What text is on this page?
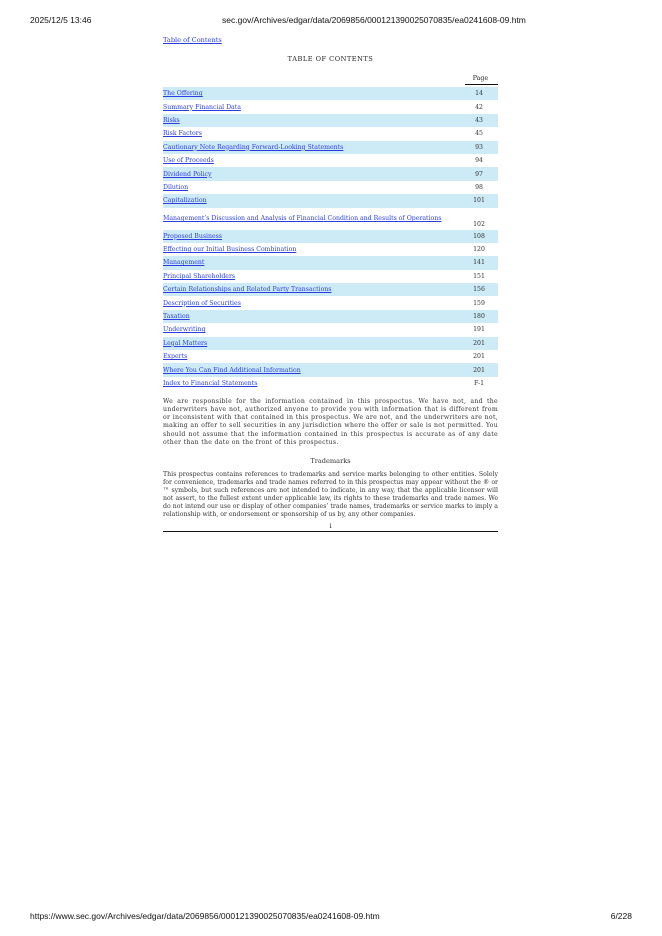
2025/12/5 13:46	sec.gov/Archives/edgar/data/2069856/000121390025070835/ea0241608-09.htm
Table of Contents
TABLE OF CONTENTS
Page
The Offering	14
Summary Financial Data	42
Risks	43
Risk Factors	45
Cautionary Note Regarding Forward-Looking Statements	93
Use of Proceeds	94
Dividend Policy	97
Dilution	98
Capitalization	101

Management’s Discussion and Analysis of Financial Condition and Results of Operations	102
Proposed Business	108
Effecting our Initial Business Combination	120
Management	141
Principal Shareholders	151
Certain Relationships and Related Party Transactions	156
Description of Securities	159
Taxation	180
Underwriting	191
Legal Matters	201
Experts	201
Where You Can Find Additional Information	201
Index to Financial Statements	F-1
We are responsible for the information contained in this prospectus. We have not, and the underwriters have not, authorized anyone to provide you with information that is different from or inconsistent with that contained in this prospectus. We are not, and the underwriters are not, making an offer to sell securities in any jurisdiction where the offer or sale is not permitted. You should not assume that the information contained in this prospectus is accurate as of any date other than the date on the front of this prospectus.
Trademarks
This prospectus contains references to trademarks and service marks belonging to other entities. Solely for convenience, trademarks and trade names referred to in this prospectus may appear without the ® or ™ symbols, but such references are not intended to indicate, in any way, that the applicable licensor will not assert, to the fullest extent under applicable law, its rights to these trademarks and trade names. We do not intend our use or display of other companies’ trade names, trademarks or service marks to imply a relationship with, or endorsement or sponsorship of us by, any other companies.
i
https://www.sec.gov/Archives/edgar/data/2069856/000121390025070835/ea0241608-09.htm	6/228
